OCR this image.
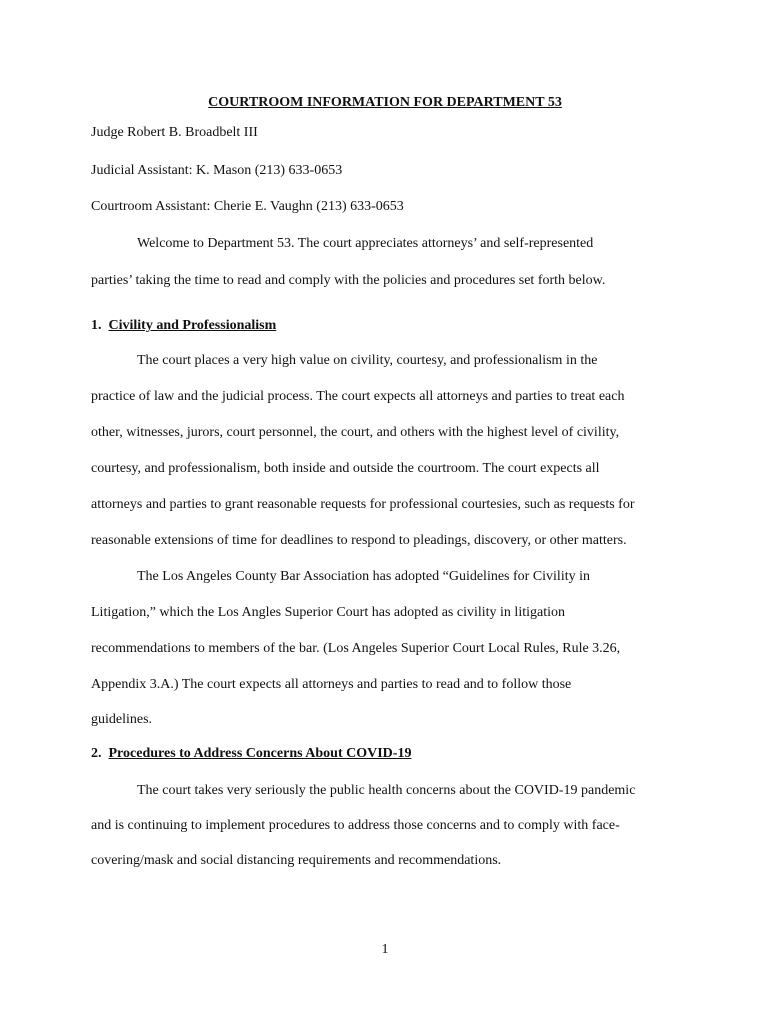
COURTROOM INFORMATION FOR DEPARTMENT 53
Judge Robert B. Broadbelt III
Judicial Assistant: K. Mason (213) 633-0653
Courtroom Assistant: Cherie E. Vaughn (213) 633-0653
Welcome to Department 53. The court appreciates attorneys’ and self-represented
parties’ taking the time to read and comply with the policies and procedures set forth below.
1. Civility and Professionalism
The court places a very high value on civility, courtesy, and professionalism in the
practice of law and the judicial process. The court expects all attorneys and parties to treat each
other, witnesses, jurors, court personnel, the court, and others with the highest level of civility,
courtesy, and professionalism, both inside and outside the courtroom. The court expects all
attorneys and parties to grant reasonable requests for professional courtesies, such as requests for
reasonable extensions of time for deadlines to respond to pleadings, discovery, or other matters.
The Los Angeles County Bar Association has adopted “Guidelines for Civility in
Litigation,” which the Los Angles Superior Court has adopted as civility in litigation
recommendations to members of the bar. (Los Angeles Superior Court Local Rules, Rule 3.26,
Appendix 3.A.) The court expects all attorneys and parties to read and to follow those
guidelines.
2. Procedures to Address Concerns About COVID-19
The court takes very seriously the public health concerns about the COVID-19 pandemic
and is continuing to implement procedures to address those concerns and to comply with face-
covering/mask and social distancing requirements and recommendations.
1
